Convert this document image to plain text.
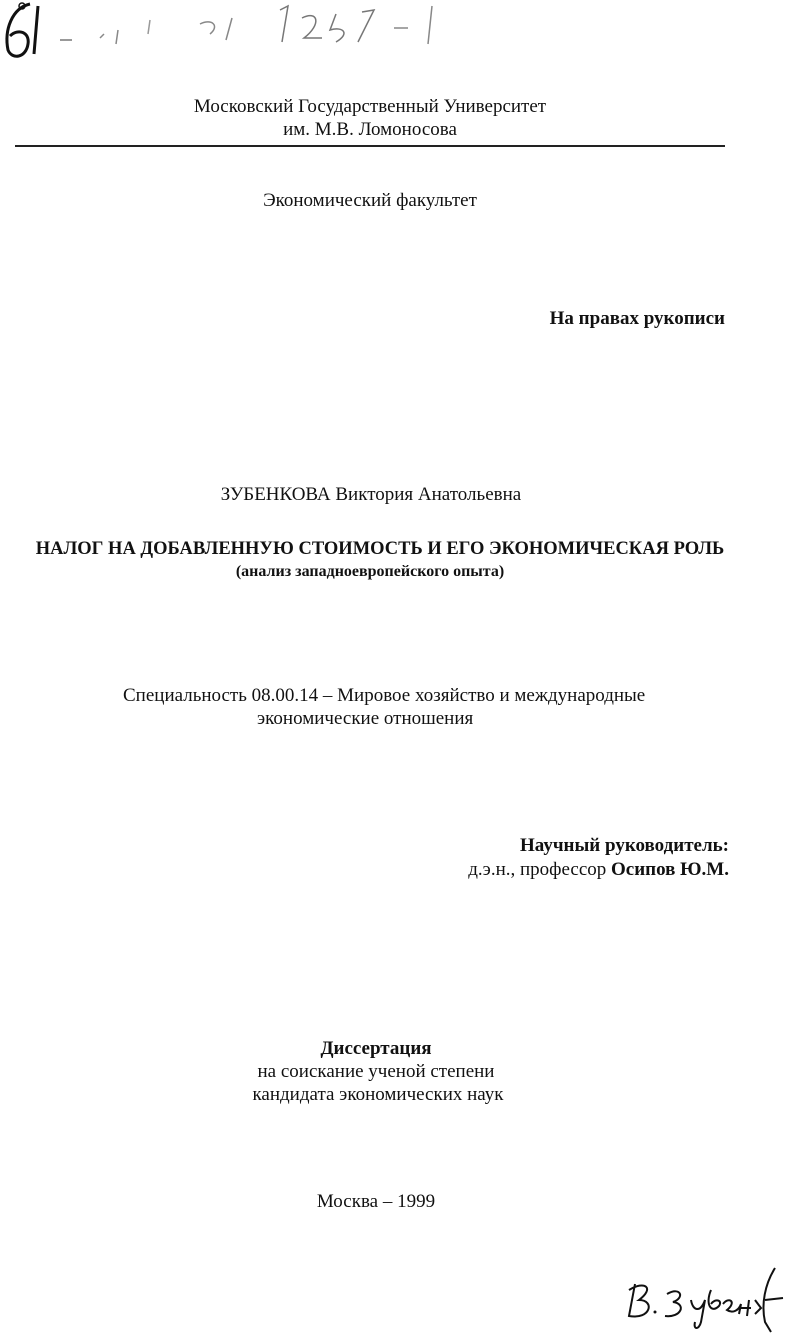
61 - 99 / 1257 - 1
Московский Государственный Университет
им. М.В. Ломоносова
Экономический факультет
На правах рукописи
ЗУБЕНКОВА Виктория Анатольевна
НАЛОГ НА ДОБАВЛЕННУЮ СТОИМОСТЬ И ЕГО ЭКОНОМИЧЕСКАЯ РОЛЬ
(анализ западноевропейского опыта)
Специальность 08.00.14 – Мировое хозяйство и международные
экономические отношения
Научный руководитель:
д.э.н., профессор Осипов Ю.М.
Диссертация
на соискание ученой степени
кандидата экономических наук
Москва – 1999
В. Зубенк
